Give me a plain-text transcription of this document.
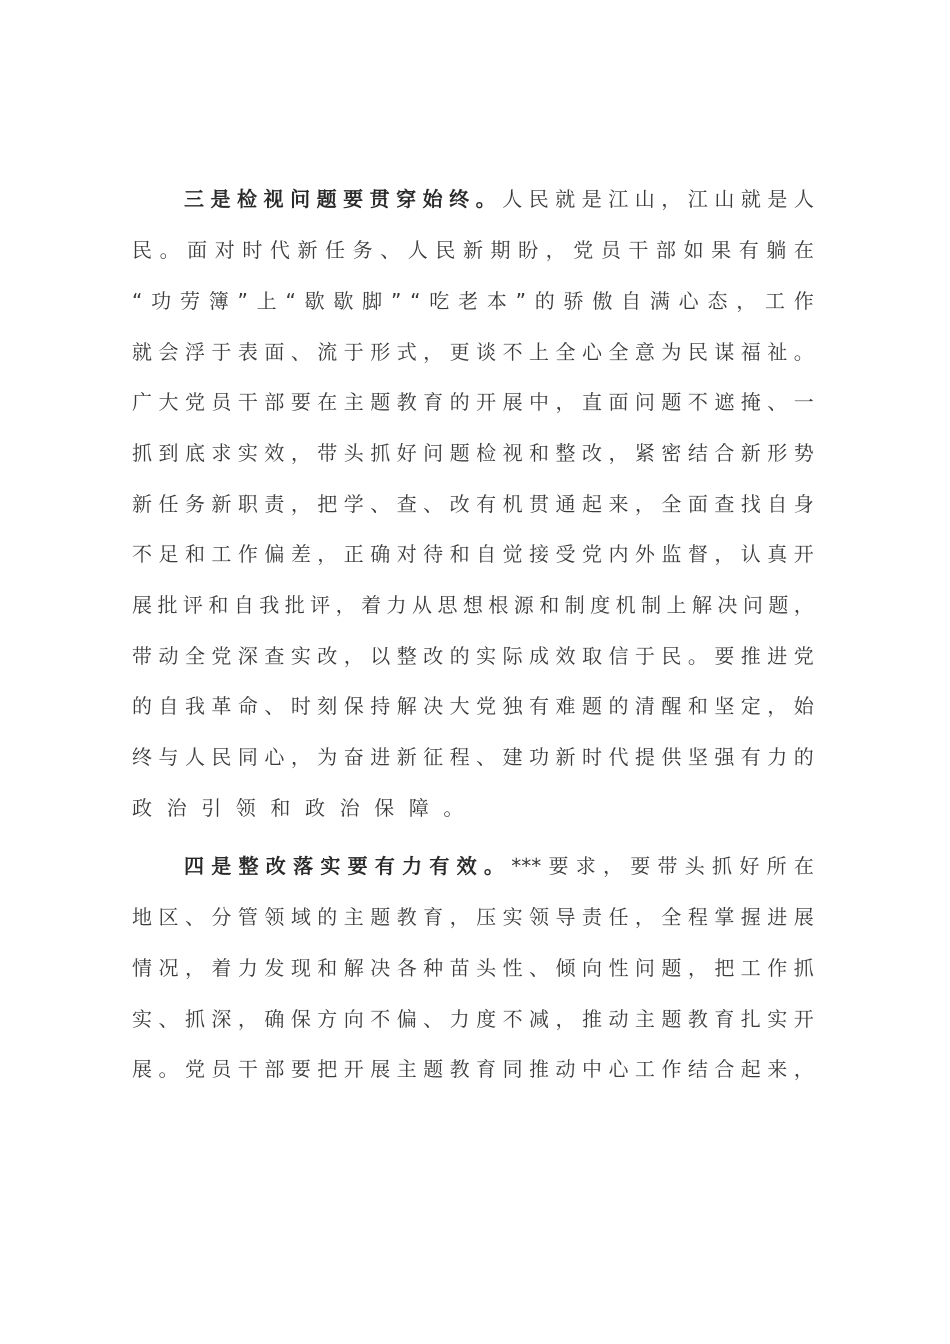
三 是 检 视 问 题 要 贯 穿 始 终 。 人 民 就 是 江 山 ， 江 山 就 是 人
民 。 面 对 时 代 新 任 务 、 人 民 新 期 盼 ， 党 员 干 部 如 果 有 躺 在
“ 功 劳 簿 ” 上 “ 歇 歇 脚 ” “ 吃 老 本 ” 的 骄 傲 自 满 心 态 ， 工 作
就 会 浮 于 表 面 、 流 于 形 式 ， 更 谈 不 上 全 心 全 意 为 民 谋 福 祉 。
广 大 党 员 干 部 要 在 主 题 教 育 的 开 展 中 ， 直 面 问 题 不 遮 掩 、 一
抓 到 底 求 实 效 ， 带 头 抓 好 问 题 检 视 和 整 改 ， 紧 密 结 合 新 形 势
新 任 务 新 职 责 ， 把 学 、 查 、 改 有 机 贯 通 起 来 ， 全 面 查 找 自 身
不 足 和 工 作 偏 差 ， 正 确 对 待 和 自 觉 接 受 党 内 外 监 督 ， 认 真 开
展 批 评 和 自 我 批 评 ， 着 力 从 思 想 根 源 和 制 度 机 制 上 解 决 问 题 ，
带 动 全 党 深 查 实 改 ， 以 整 改 的 实 际 成 效 取 信 于 民 。 要 推 进 党
的 自 我 革 命 、 时 刻 保 持 解 决 大 党 独 有 难 题 的 清 醒 和 坚 定 ， 始
终 与 人 民 同 心 ， 为 奋 进 新 征 程 、 建 功 新 时 代 提 供 坚 强 有 力 的
政 治 引 领 和 政 治 保 障 。
四 是 整 改 落 实 要 有 力 有 效 。 *** 要 求 ， 要 带 头 抓 好 所 在
地 区 、 分 管 领 域 的 主 题 教 育 ， 压 实 领 导 责 任 ， 全 程 掌 握 进 展
情 况 ， 着 力 发 现 和 解 决 各 种 苗 头 性 、 倾 向 性 问 题 ， 把 工 作 抓
实 、 抓 深 ， 确 保 方 向 不 偏 、 力 度 不 减 ， 推 动 主 题 教 育 扎 实 开
展 。 党 员 干 部 要 把 开 展 主 题 教 育 同 推 动 中 心 工 作 结 合 起 来 ，
